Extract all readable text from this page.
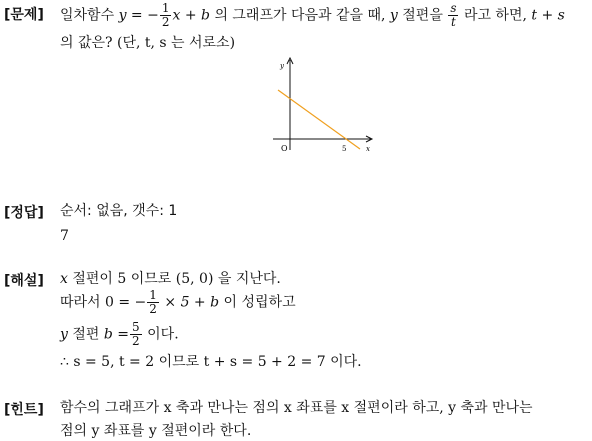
[문제] 일차함수 y = − $\frac{1}{2}$ x + b 의 그래프가 다음과 같을 때, y 절편을 $\frac{s}{t}$ 라고 하면, t + s
의 값은? (단, t, s 는 서로소)
y
x
O	5
[정답] 순서: 없음, 갯수: 1
7
[해설] x 절편이 5 이므로 (5, 0) 을 지난다.
따라서 0 = − $\frac{1}{2} \times 5 + b$ 이 성립하고
y 절편 $b = \frac{5}{2}$ 이다.
∴ s = 5, t = 2 이므로 t + s = 5 + 2 = 7 이다.
[힌트] 함수의 그래프가 x 축과 만나는 점의 x 좌표를 x 절편이라 하고, y 축과 만나는
점의 y 좌표를 y 절편이라 한다.
